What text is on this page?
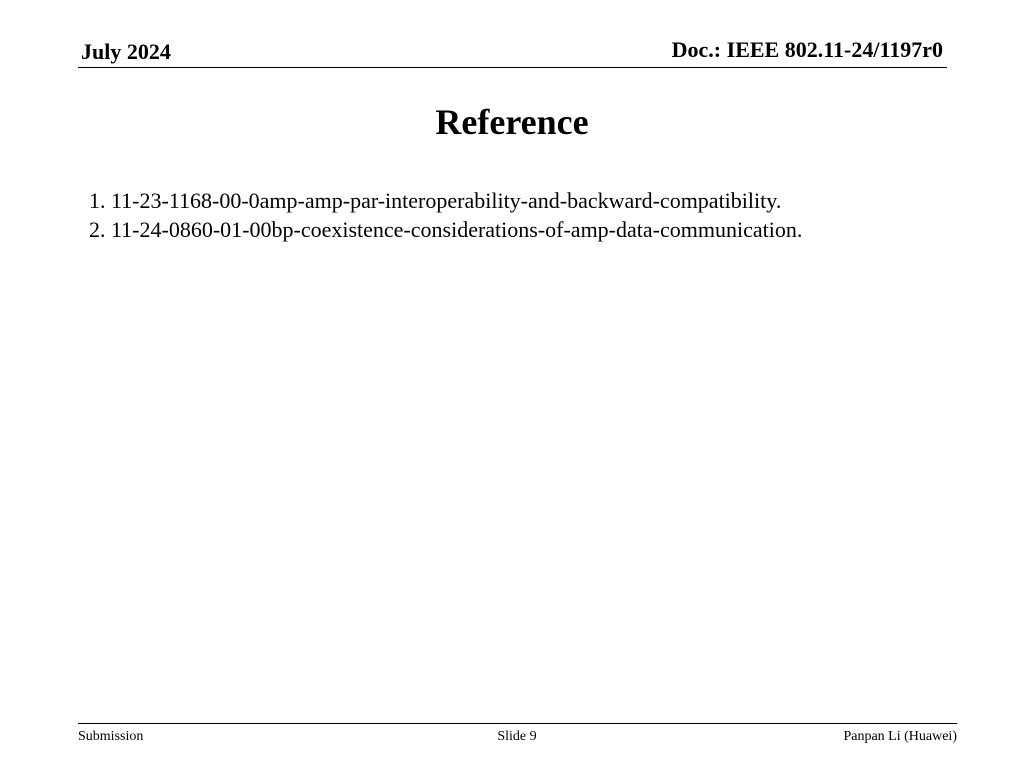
July 2024	Doc.: IEEE 802.11-24/1197r0
Reference
1. 11-23-1168-00-0amp-amp-par-interoperability-and-backward-compatibility.
2. 11-24-0860-01-00bp-coexistence-considerations-of-amp-data-communication.
Submission	Slide 9	Panpan Li (Huawei)
